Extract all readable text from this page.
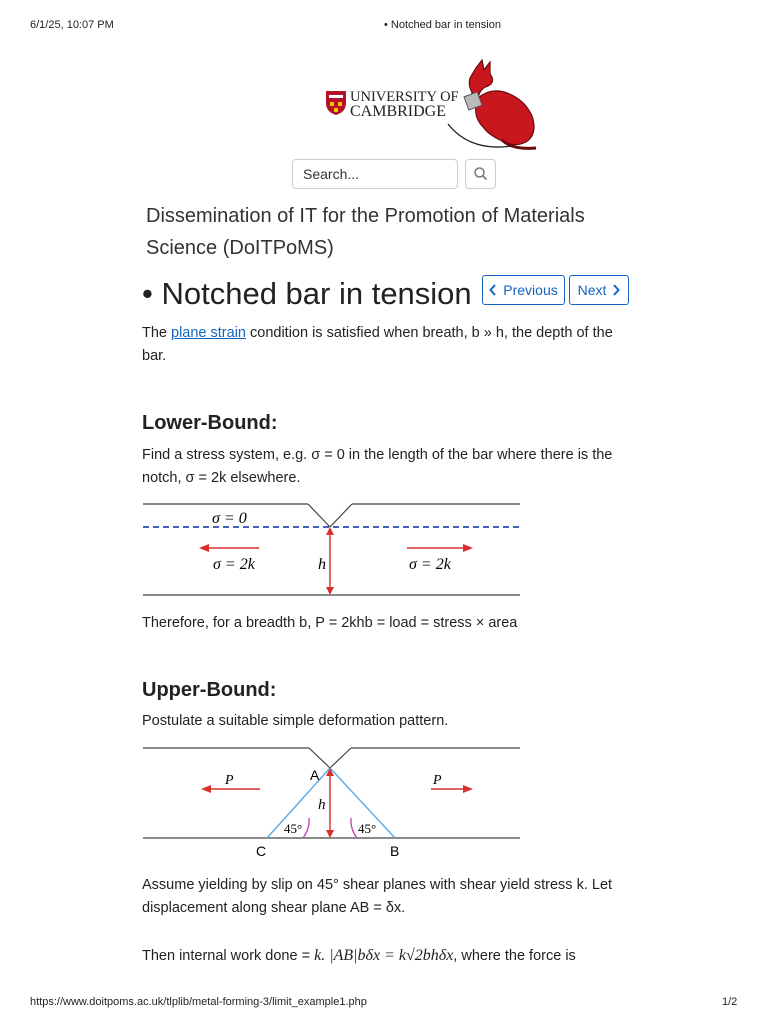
6/1/25, 10:07 PM	• Notched bar in tension
UNIVERSITY OF
CAMBRIDGE
Search...
Dissemination of IT for the Promotion of Materials Science (DoITPoMS)
• Notched bar in tension Previous Next
The plane strain condition is satisfied when breath, b » h, the depth of the bar.
Lower-Bound:
Find a stress system, e.g. σ = 0 in the length of the bar where there is the notch, σ = 2k elsewhere.
σ = 0
σ = 2k	h	σ = 2k
Therefore, for a breadth b, P = 2khb = load = stress × area
Upper-Bound:
Postulate a suitable simple deformation pattern.
P	P
A
h
45°	45°
C	B
Assume yielding by slip on 45° shear planes with shear yield stress k. Let displacement along shear plane AB = δx.
Then internal work done = k. |AB|bδx = k√2bhδx, where the force is
https://www.doitpoms.ac.uk/tlplib/metal-forming-3/limit_example1.php	1/2
